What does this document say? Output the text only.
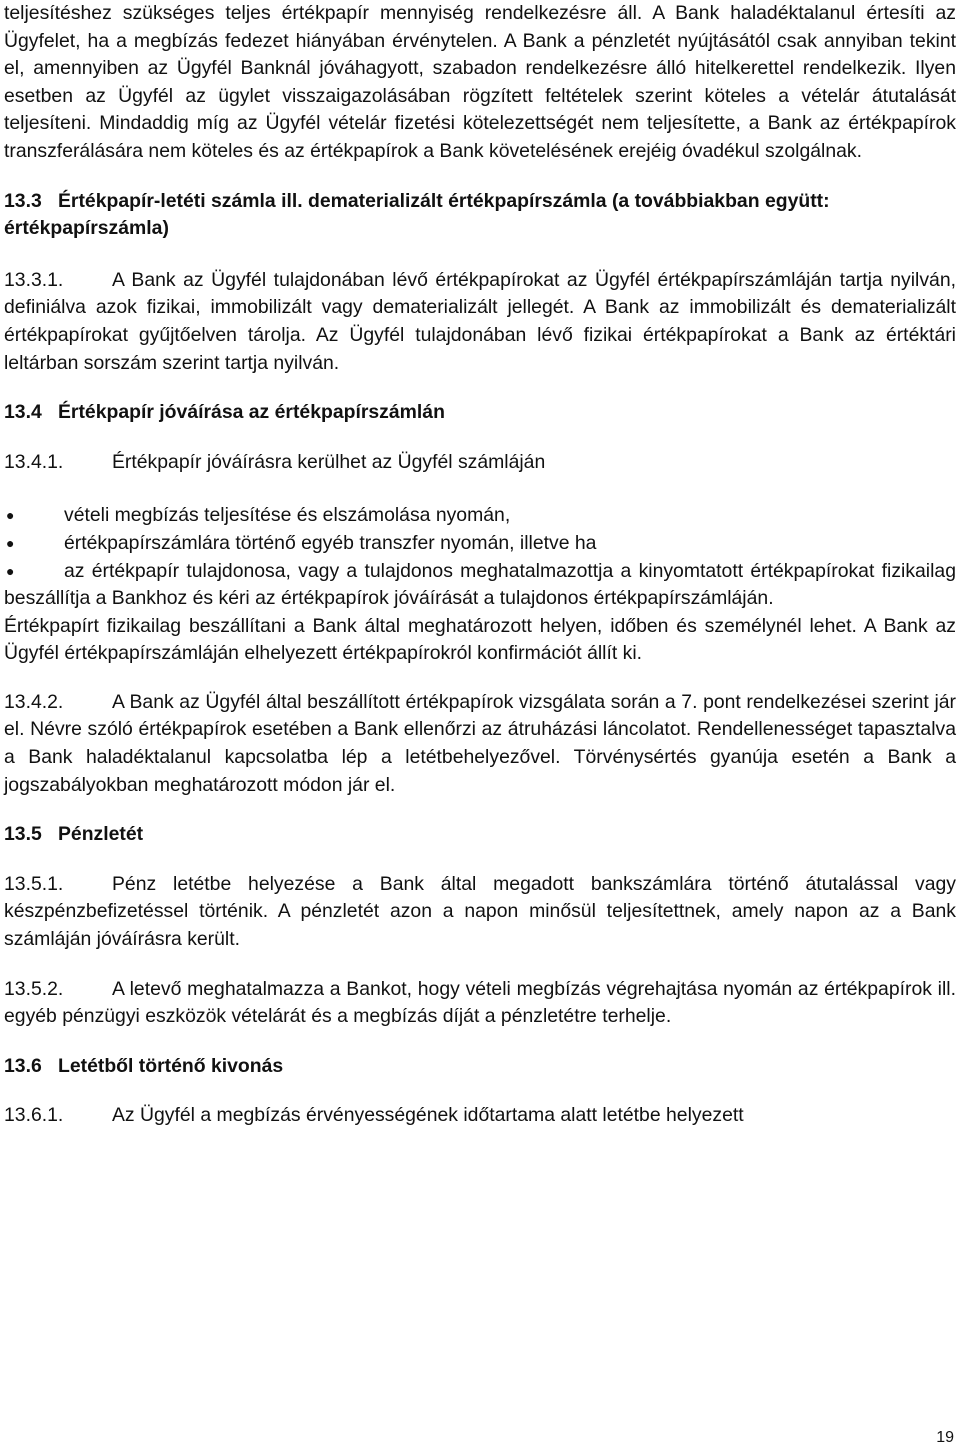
teljesítéshez szükséges teljes értékpapír mennyiség rendelkezésre áll. A Bank haladéktalanul értesíti az Ügyfelet, ha a megbízás fedezet hiányában érvénytelen. A Bank a pénzletét nyújtásától csak annyiban tekint el, amennyiben az Ügyfél Banknál jóváhagyott, szabadon rendelkezésre álló hitelkerettel rendelkezik. Ilyen esetben az Ügyfél az ügylet visszaigazolásában rögzített feltételek szerint köteles a vételár átutalását teljesíteni. Mindaddig míg az Ügyfél vételár fizetési kötelezettségét nem teljesítette, a Bank az értékpapírok transzferálására nem köteles és az értékpapírok a Bank követelésének erejéig óvadékul szolgálnak.

13.3 Értékpapír-letéti számla ill. dematerializált értékpapírszámla (a továbbiakban együtt: értékpapírszámla)

13.3.1.	A Bank az Ügyfél tulajdonában lévő értékpapírokat az Ügyfél értékpapírszámláján tartja nyilván, definiálva azok fizikai, immobilizált vagy dematerializált jellegét. A Bank az immobilizált és dematerializált értékpapírokat gyűjtőelven tárolja. Az Ügyfél tulajdonában lévő fizikai értékpapírokat a Bank az értéktári leltárban sorszám szerint tartja nyilván.

13.4 Értékpapír jóváírása az értékpapírszámlán

13.4.1.	Értékpapír jóváírásra kerülhet az Ügyfél számláján

●	vételi megbízás teljesítése és elszámolása nyomán,
●	értékpapírszámlára történő egyéb transzfer nyomán, illetve ha
●	az értékpapír tulajdonosa, vagy a tulajdonos meghatalmazottja a kinyomtatott értékpapírokat fizikailag beszállítja a Bankhoz és kéri az értékpapírok jóváírását a tulajdonos értékpapírszámláján.

Értékpapírt fizikailag beszállítani a Bank által meghatározott helyen, időben és személynél lehet. A Bank az Ügyfél értékpapírszámláján elhelyezett értékpapírokról konfirmációt állít ki.

13.4.2.	A Bank az Ügyfél által beszállított értékpapírok vizsgálata során a 7. pont rendelkezései szerint jár el. Névre szóló értékpapírok esetében a Bank ellenőrzi az átruházási láncolatot. Rendellenességet tapasztalva a Bank haladéktalanul kapcsolatba lép a letétbehelyezővel. Törvénysértés gyanúja esetén a Bank a jogszabályokban meghatározott módon jár el.

13.5 Pénzletét

13.5.1.	Pénz letétbe helyezése a Bank által megadott bankszámlára történő átutalással vagy készpénzbefizetéssel történik. A pénzletét azon a napon minősül teljesítettnek, amely napon az a Bank számláján jóváírásra került.

13.5.2.	A letevő meghatalmazza a Bankot, hogy vételi megbízás végrehajtása nyomán az értékpapírok ill. egyéb pénzügyi eszközök vételárát és a megbízás díját a pénzletétre terhelje.

13.6 Letétből történő kivonás

13.6.1.	Az Ügyfél a megbízás érvényességének időtartama alatt letétbe helyezett

19
